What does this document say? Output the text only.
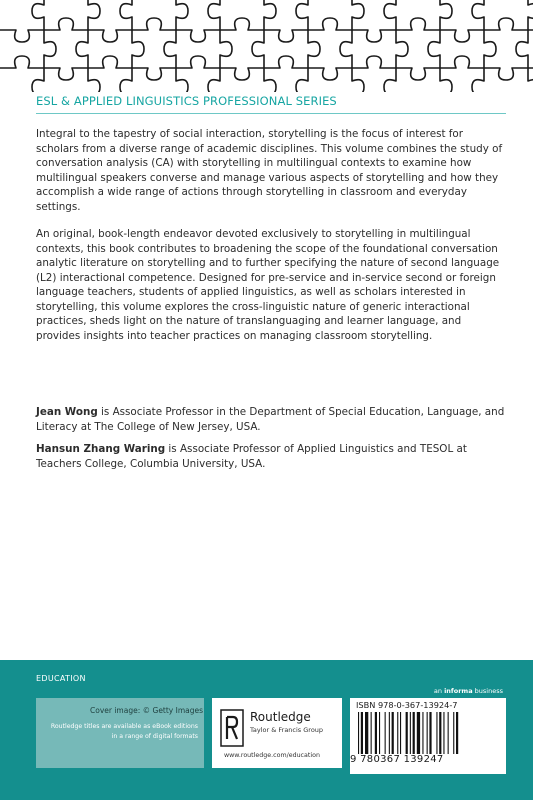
ESL & APPLIED LINGUISTICS PROFESSIONAL SERIES

Integral to the tapestry of social interaction, storytelling is the focus of interest for scholars from a diverse range of academic disciplines. This volume combines the study of conversation analysis (CA) with storytelling in multilingual contexts to examine how multilingual speakers converse and manage various aspects of storytelling and how they accomplish a wide range of actions through storytelling in classroom and everyday settings.

An original, book-length endeavor devoted exclusively to storytelling in multilingual contexts, this book contributes to broadening the scope of the foundational conversation analytic literature on storytelling and to further specifying the nature of second language (L2) interactional competence. Designed for pre-service and in-service second or foreign language teachers, students of applied linguistics, as well as scholars interested in storytelling, this volume explores the cross-linguistic nature of generic interactional practices, sheds light on the nature of translanguaging and learner language, and provides insights into teacher practices on managing classroom storytelling.

Jean Wong is Associate Professor in the Department of Special Education, Language, and Literacy at The College of New Jersey, USA.

Hansun Zhang Waring is Associate Professor of Applied Linguistics and TESOL at Teachers College, Columbia University, USA.

EDUCATION
an informa business
Cover image: © Getty Images
Routledge titles are available as eBook editions in a range of digital formats
Routledge
Taylor & Francis Group
www.routledge.com/education
ISBN 978-0-367-13924-7
9 780367 139247
